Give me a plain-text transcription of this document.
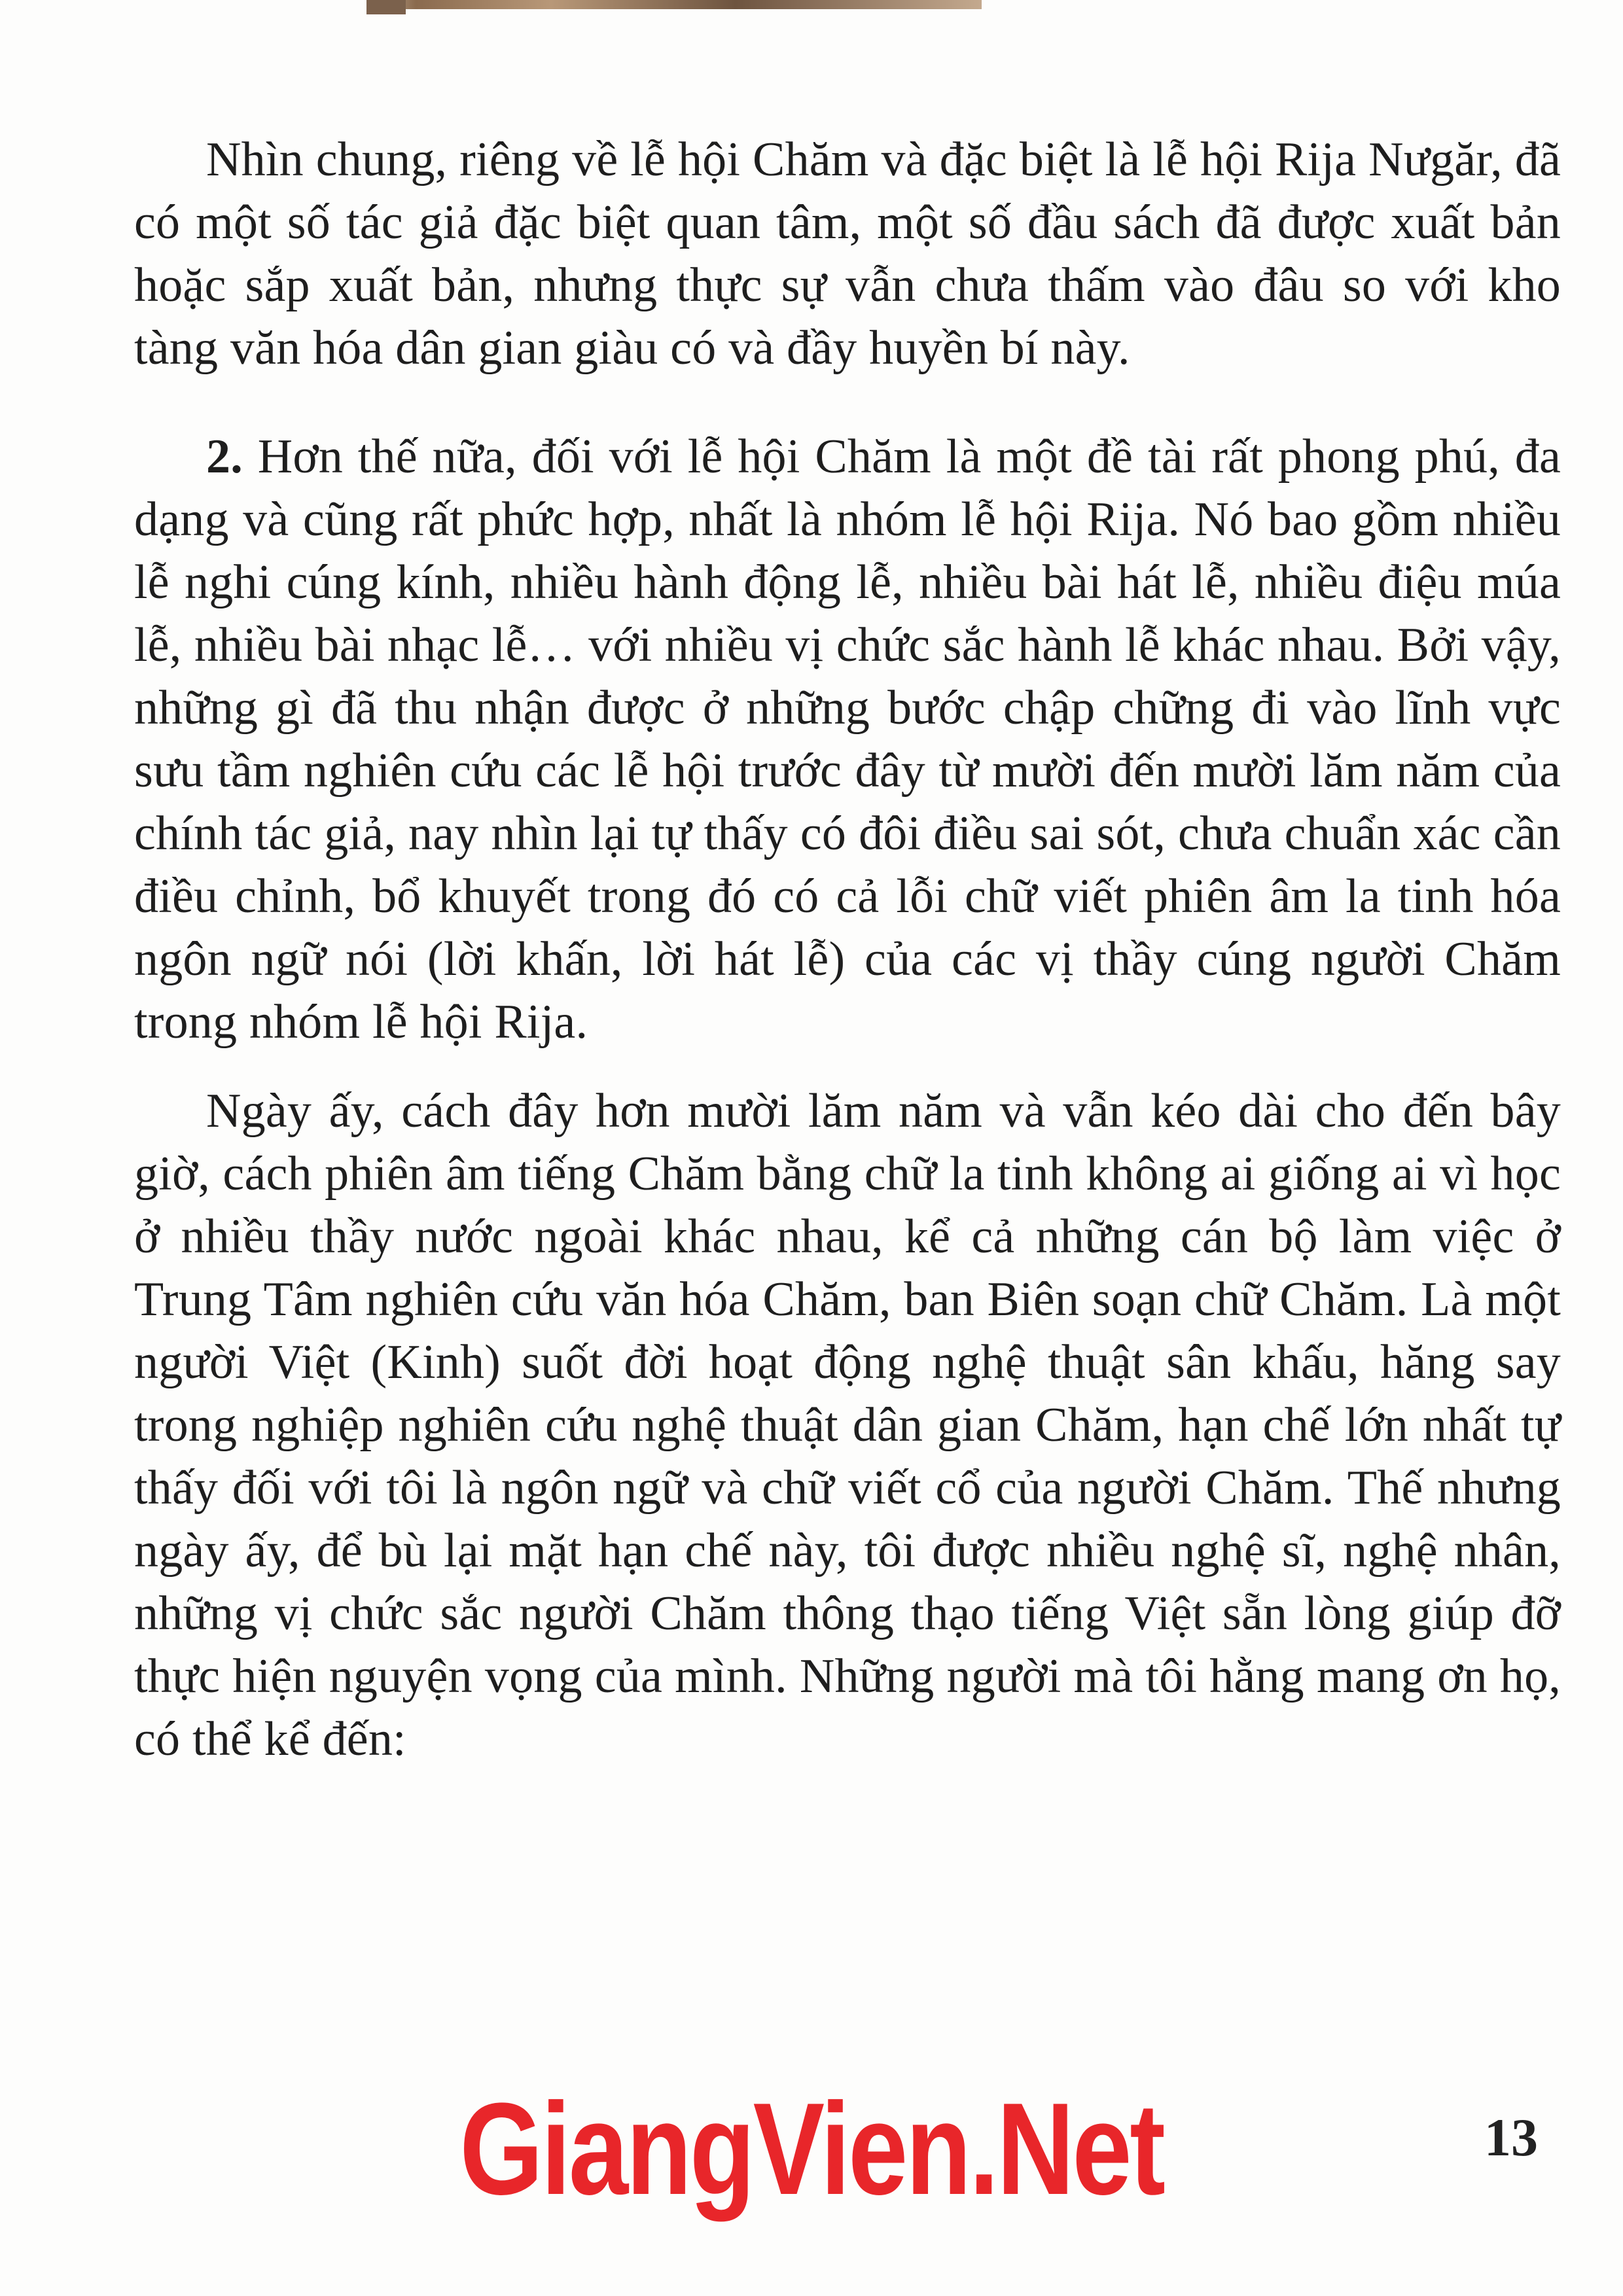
Nhìn chung, riêng về lễ hội Chăm và đặc biệt là lễ hội Rija Nưgăr, đã có một số tác giả đặc biệt quan tâm, một số đầu sách đã được xuất bản hoặc sắp xuất bản, nhưng thực sự vẫn chưa thấm vào đâu so với kho tàng văn hóa dân gian giàu có và đầy huyền bí này.

2. Hơn thế nữa, đối với lễ hội Chăm là một đề tài rất phong phú, đa dạng và cũng rất phức hợp, nhất là nhóm lễ hội Rija. Nó bao gồm nhiều lễ nghi cúng kính, nhiều hành động lễ, nhiều bài hát lễ, nhiều điệu múa lễ, nhiều bài nhạc lễ… với nhiều vị chức sắc hành lễ khác nhau. Bởi vậy, những gì đã thu nhận được ở những bước chập chững đi vào lĩnh vực sưu tầm nghiên cứu các lễ hội trước đây từ mười đến mười lăm năm của chính tác giả, nay nhìn lại tự thấy có đôi điều sai sót, chưa chuẩn xác cần điều chỉnh, bổ khuyết trong đó có cả lỗi chữ viết phiên âm la tinh hóa ngôn ngữ nói (lời khấn, lời hát lễ) của các vị thầy cúng người Chăm trong nhóm lễ hội Rija.

Ngày ấy, cách đây hơn mười lăm năm và vẫn kéo dài cho đến bây giờ, cách phiên âm tiếng Chăm bằng chữ la tinh không ai giống ai vì học ở nhiều thầy nước ngoài khác nhau, kể cả những cán bộ làm việc ở Trung Tâm nghiên cứu văn hóa Chăm, ban Biên soạn chữ Chăm. Là một người Việt (Kinh) suốt đời hoạt động nghệ thuật sân khấu, hăng say trong nghiệp nghiên cứu nghệ thuật dân gian Chăm, hạn chế lớn nhất tự thấy đối với tôi là ngôn ngữ và chữ viết cổ của người Chăm. Thế nhưng ngày ấy, để bù lại mặt hạn chế này, tôi được nhiều nghệ sĩ, nghệ nhân, những vị chức sắc người Chăm thông thạo tiếng Việt sẵn lòng giúp đỡ thực hiện nguyện vọng của mình. Những người mà tôi hằng mang ơn họ, có thể kể đến:

GiangVien.Net	13
